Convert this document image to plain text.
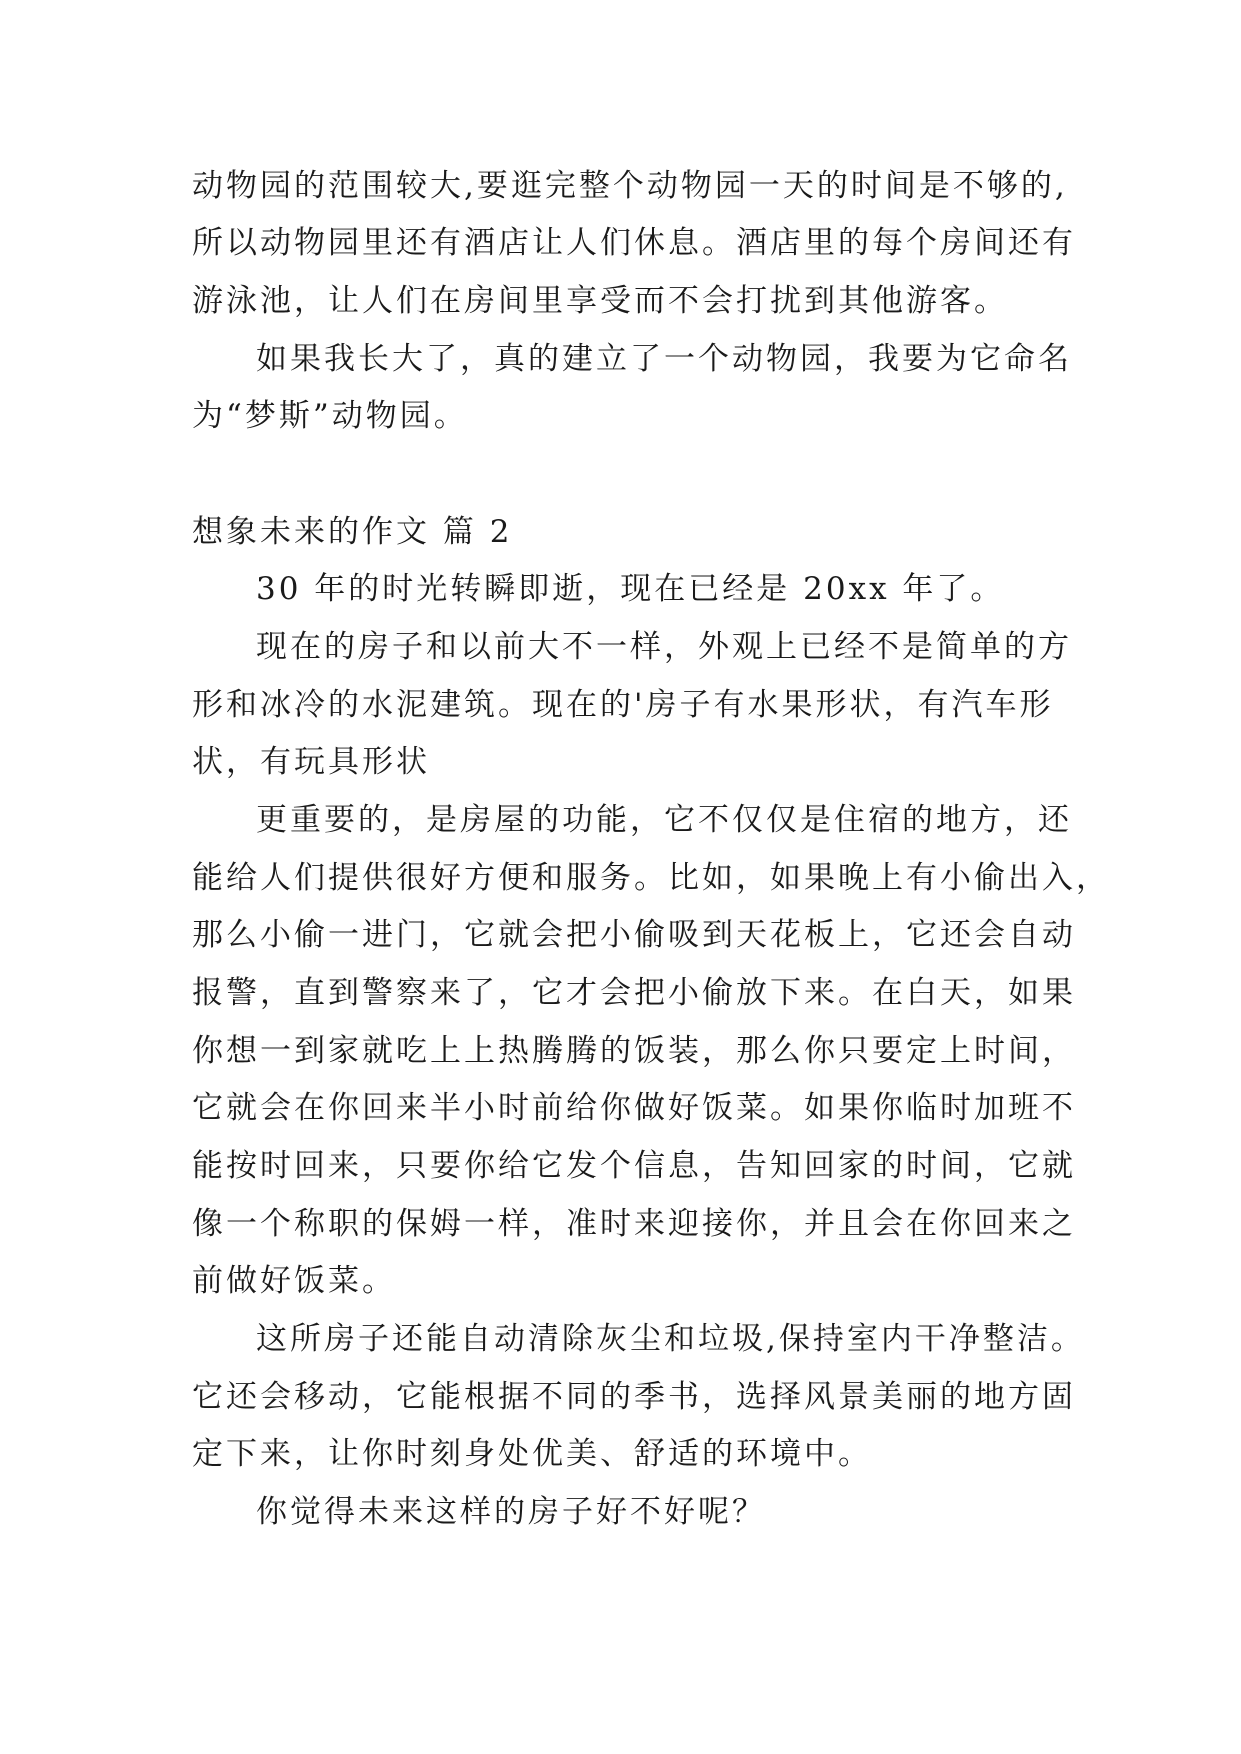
动物园的范围较大,要逛完整个动物园一天的时间是不够的,
所以动物园里还有酒店让人们休息。酒店里的每个房间还有
游泳池，让人们在房间里享受而不会打扰到其他游客。
如果我长大了，真的建立了一个动物园，我要为它命名
为“梦斯”动物园。
想象未来的作文 篇 2
30 年的时光转瞬即逝，现在已经是 20xx 年了。
现在的房子和以前大不一样，外观上已经不是简单的方
形和冰冷的水泥建筑。现在的'房子有水果形状，有汽车形
状，有玩具形状
更重要的，是房屋的功能，它不仅仅是住宿的地方，还
能给人们提供很好方便和服务。比如，如果晚上有小偷出入，
那么小偷一进门，它就会把小偷吸到天花板上，它还会自动
报警，直到警察来了，它才会把小偷放下来。在白天，如果
你想一到家就吃上上热腾腾的饭装，那么你只要定上时间，
它就会在你回来半小时前给你做好饭菜。如果你临时加班不
能按时回来，只要你给它发个信息，告知回家的时间，它就
像一个称职的保姆一样，准时来迎接你，并且会在你回来之
前做好饭菜。
这所房子还能自动清除灰尘和垃圾,保持室内干净整洁。
它还会移动，它能根据不同的季书，选择风景美丽的地方固
定下来，让你时刻身处优美、舒适的环境中。
你觉得未来这样的房子好不好呢？
